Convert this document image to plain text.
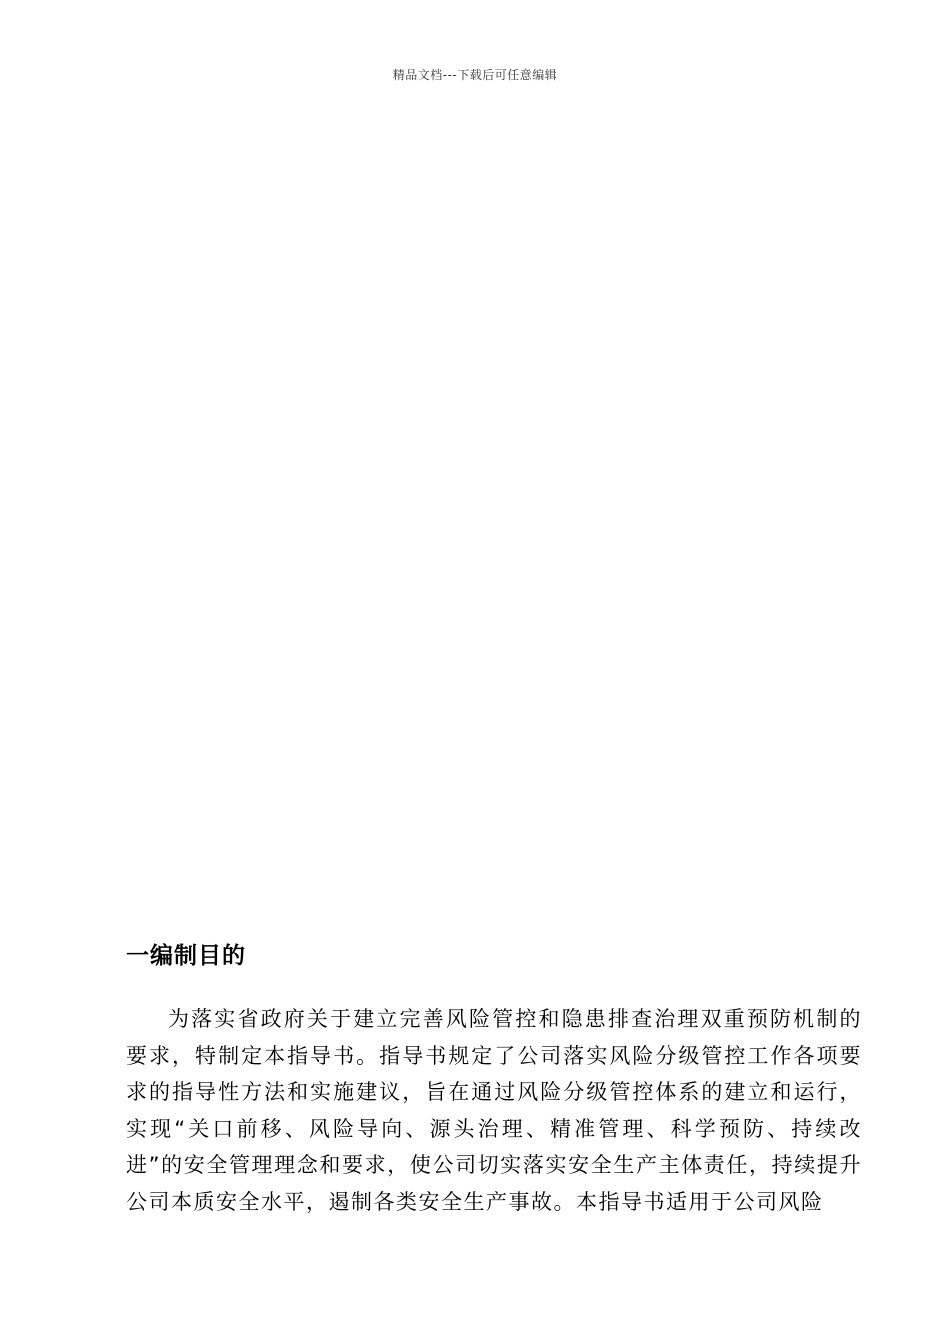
精品文档---下载后可任意编辑
一编制目的

为落实省政府关于建立完善风险管控和隐患排查治理双重预防机制的要求，特制定本指导书。指导书规定了公司落实风险分级管控工作各项要求的指导性方法和实施建议，旨在通过风险分级管控体系的建立和运行，实现“关口前移、风险导向、源头治理、精准管理、科学预防、持续改进”的安全管理理念和要求，使公司切实落实安全生产主体责任，持续提升公司本质安全水平，遏制各类安全生产事故。本指导书适用于公司风险
